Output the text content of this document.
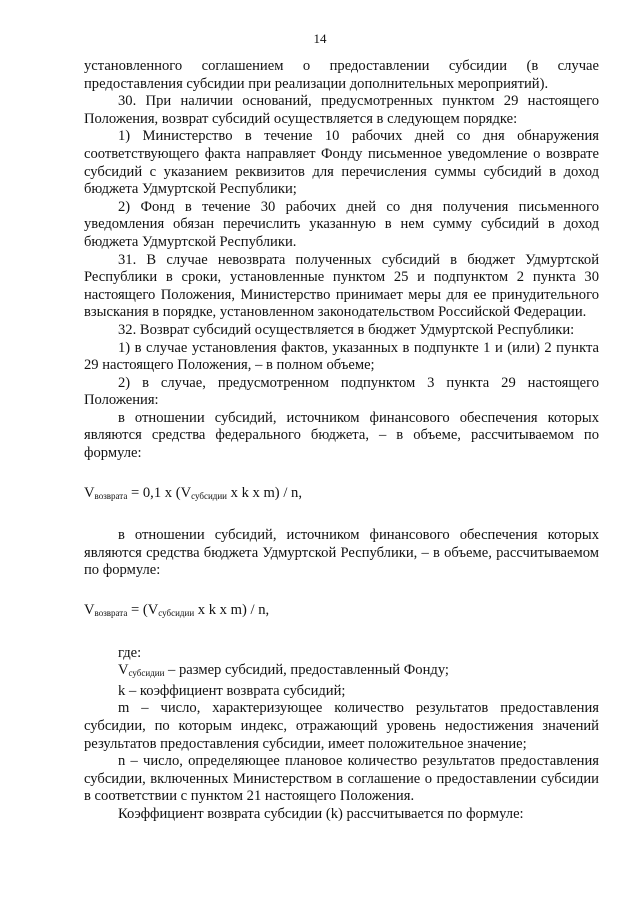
14

установленного соглашением о предоставлении субсидии (в случае предоставления субсидии при реализации дополнительных мероприятий).

30. При наличии оснований, предусмотренных пунктом 29 настоящего Положения, возврат субсидий осуществляется в следующем порядке:

1) Министерство в течение 10 рабочих дней со дня обнаружения соответствующего факта направляет Фонду письменное уведомление о возврате субсидий с указанием реквизитов для перечисления суммы субсидий в доход бюджета Удмуртской Республики;

2) Фонд в течение 30 рабочих дней со дня получения письменного уведомления обязан перечислить указанную в нем сумму субсидий в доход бюджета Удмуртской Республики.

31. В случае невозврата полученных субсидий в бюджет Удмуртской Республики в сроки, установленные пунктом 25 и подпунктом 2 пункта 30 настоящего Положения, Министерство принимает меры для ее принудительного взыскания в порядке, установленном законодательством Российской Федерации.

32. Возврат субсидий осуществляется в бюджет Удмуртской Республики:

1) в случае установления фактов, указанных в подпункте 1 и (или) 2 пункта 29 настоящего Положения, – в полном объеме;

2) в случае, предусмотренном подпунктом 3 пункта 29 настоящего Положения:

в отношении субсидий, источником финансового обеспечения которых являются средства федерального бюджета, – в объеме, рассчитываемом по формуле:

$V_{возврата} = 0,1$ x ($V_{субсидии}$ x k x m) / n,

в отношении субсидий, источником финансового обеспечения которых являются средства бюджета Удмуртской Республики, – в объеме, рассчитываемом по формуле:

$V_{возврата} = (V_{субсидии}$ x k x m) / n,

где:

$V_{субсидии}$ – размер субсидий, предоставленный Фонду;

k – коэффициент возврата субсидий;

m – число, характеризующее количество результатов предоставления субсидии, по которым индекс, отражающий уровень недостижения значений результатов предоставления субсидии, имеет положительное значение;

n – число, определяющее плановое количество результатов предоставления субсидии, включенных Министерством в соглашение о предоставлении субсидии в соответствии с пунктом 21 настоящего Положения.

Коэффициент возврата субсидии (k) рассчитывается по формуле:
